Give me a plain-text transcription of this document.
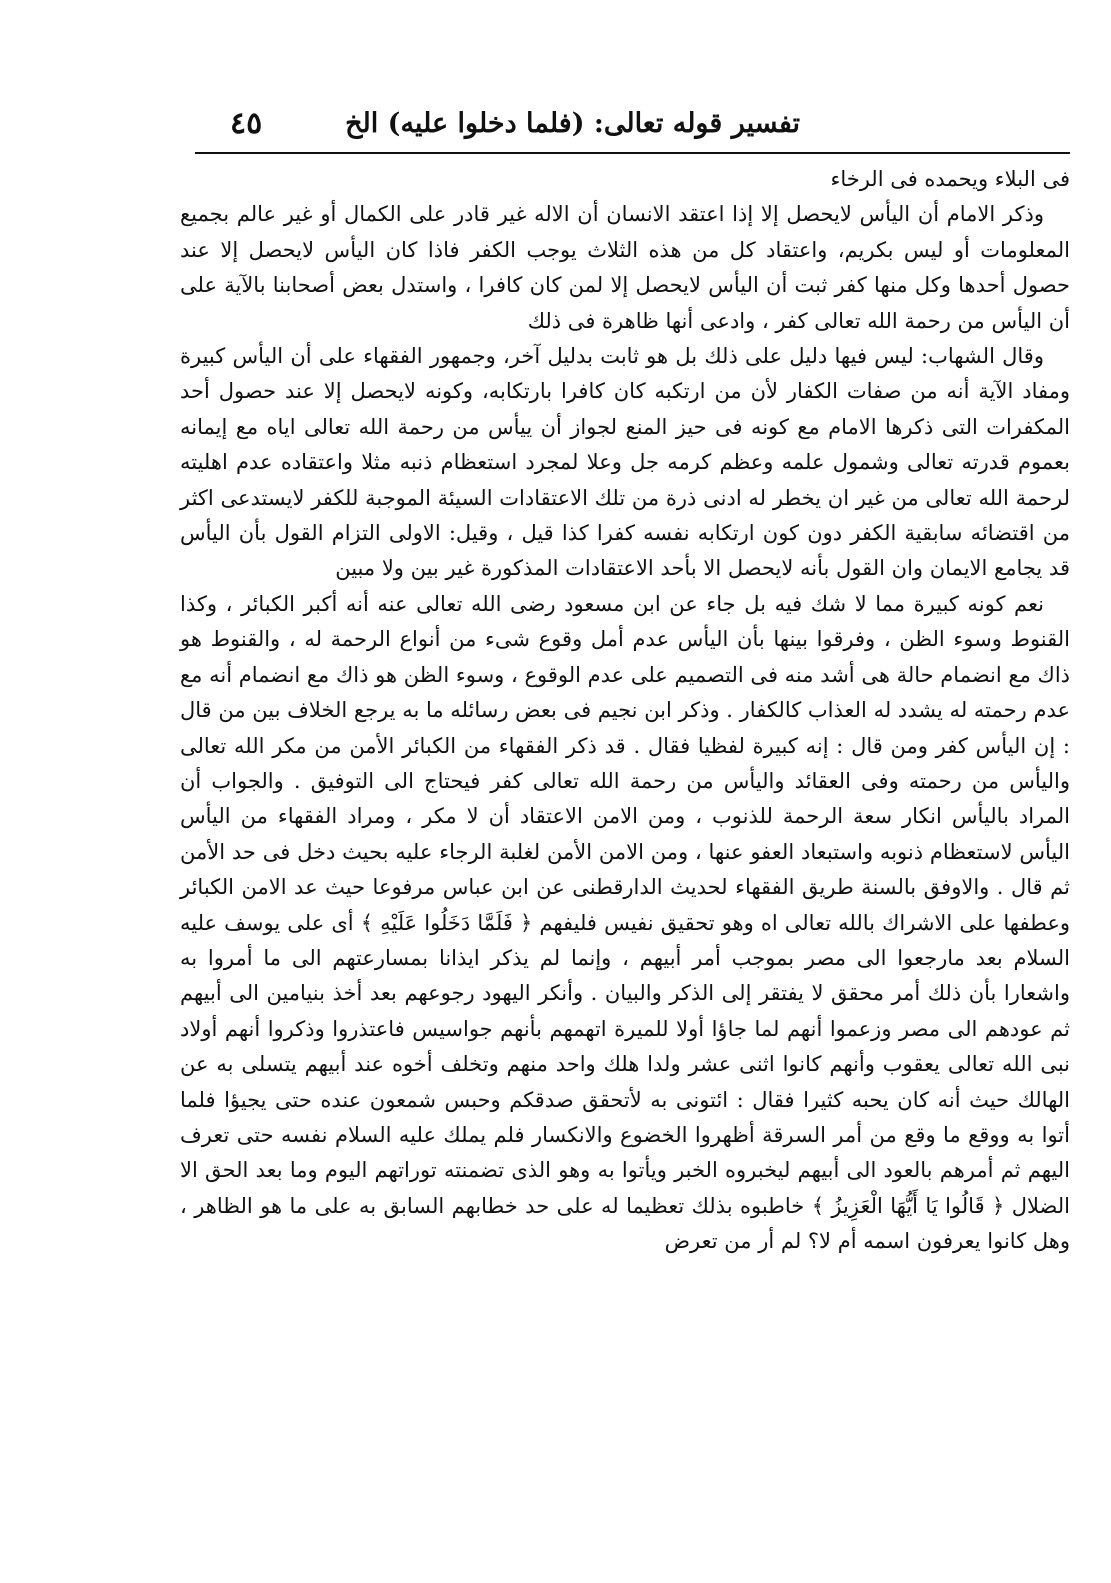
تفسير قوله تعالى: (فلما دخلوا عليه) الخ
٤٥

فى البلاء ويحمده فى الرخاء

وذكر الامام أن اليأس لايحصل إلا إذا اعتقد الانسان أن الاله غير قادر على الكمال أو غير عالم بجميع المعلومات أو ليس بكريم، واعتقاد كل من هذه الثلاث يوجب الكفر فاذا كان اليأس لايحصل إلا عند حصول أحدها وكل منها كفر ثبت أن اليأس لايحصل إلا لمن كان كافرا ، واستدل بعض أصحابنا بالآية على أن اليأس من رحمة الله تعالى كفر ، وادعى أنها ظاهرة فى ذلك

وقال الشهاب: ليس فيها دليل على ذلك بل هو ثابت بدليل آخر، وجمهور الفقهاء على أن اليأس كبيرة ومفاد الآية أنه من صفات الكفار لأن من ارتكبه كان كافرا بارتكابه، وكونه لايحصل إلا عند حصول أحد المكفرات التى ذكرها الامام مع كونه فى حيز المنع لجواز أن ييأس من رحمة الله تعالى اياه مع إيمانه بعموم قدرته تعالى وشمول علمه وعظم كرمه جل وعلا لمجرد استعظام ذنبه مثلا واعتقاده عدم اهليته لرحمة الله تعالى من غير ان يخطر له ادنى ذرة من تلك الاعتقادات السيئة الموجبة للكفر لايستدعى اكثر من اقتضائه سابقية الكفر دون كون ارتكابه نفسه كفرا كذا قيل ، وقيل: الاولى التزام القول بأن اليأس قد يجامع الايمان وان القول بأنه لايحصل الا بأحد الاعتقادات المذكورة غير بين ولا مبين

نعم كونه كبيرة مما لا شك فيه بل جاء عن ابن مسعود رضى الله تعالى عنه أنه أكبر الكبائر ، وكذا القنوط وسوء الظن ، وفرقوا بينها بأن اليأس عدم أمل وقوع شىء من أنواع الرحمة له ، والقنوط هو ذاك مع انضمام حالة هى أشد منه فى التصميم على عدم الوقوع ، وسوء الظن هو ذاك مع انضمام أنه مع عدم رحمته له يشدد له العذاب كالكفار . وذكر ابن نجيم فى بعض رسائله ما به يرجع الخلاف بين من قال : إن اليأس كفر ومن قال : إنه كبيرة لفظيا فقال . قد ذكر الفقهاء من الكبائر الأمن من مكر الله تعالى واليأس من رحمته وفى العقائد واليأس من رحمة الله تعالى كفر فيحتاج الى التوفيق . والجواب أن المراد باليأس انكار سعة الرحمة للذنوب ، ومن الامن الاعتقاد أن لا مكر ، ومراد الفقهاء من اليأس اليأس لاستعظام ذنوبه واستبعاد العفو عنها ، ومن الامن الأمن لغلبة الرجاء عليه بحيث دخل فى حد الأمن ثم قال . والاوفق بالسنة طريق الفقهاء لحديث الدارقطنى عن ابن عباس مرفوعا حيث عد الامن الكبائر وعطفها على الاشراك بالله تعالى اه وهو تحقيق نفيس فليفهم ﴿ فَلَمَّا دَخَلُوا عَلَيْهِ ﴾ أى على يوسف عليه السلام بعد مارجعوا الى مصر بموجب أمر أبيهم ، وإنما لم يذكر ايذانا بمسارعتهم الى ما أمروا به واشعارا بأن ذلك أمر محقق لا يفتقر إلى الذكر والبيان . وأنكر اليهود رجوعهم بعد أخذ بنيامين الى أبيهم ثم عودهم الى مصر وزعموا أنهم لما جاؤا أولا للميرة اتهمهم بأنهم جواسيس فاعتذروا وذكروا أنهم أولاد نبى الله تعالى يعقوب وأنهم كانوا اثنى عشر ولدا هلك واحد منهم وتخلف أخوه عند أبيهم يتسلى به عن الهالك حيث أنه كان يحبه كثيرا فقال : ائتونى به لأتحقق صدقكم وحبس شمعون عنده حتى يجيؤا فلما أتوا به ووقع ما وقع من أمر السرقة أظهروا الخضوع والانكسار فلم يملك عليه السلام نفسه حتى تعرف اليهم ثم أمرهم بالعود الى أبيهم ليخبروه الخبر ويأتوا به وهو الذى تضمنته توراتهم اليوم وما بعد الحق الا الضلال ﴿ قَالُوا يَا أَيُّهَا الْعَزِيزُ ﴾ خاطبوه بذلك تعظيما له على حد خطابهم السابق به على ما هو الظاهر ، وهل كانوا يعرفون اسمه أم لا؟ لم أر من تعرض
